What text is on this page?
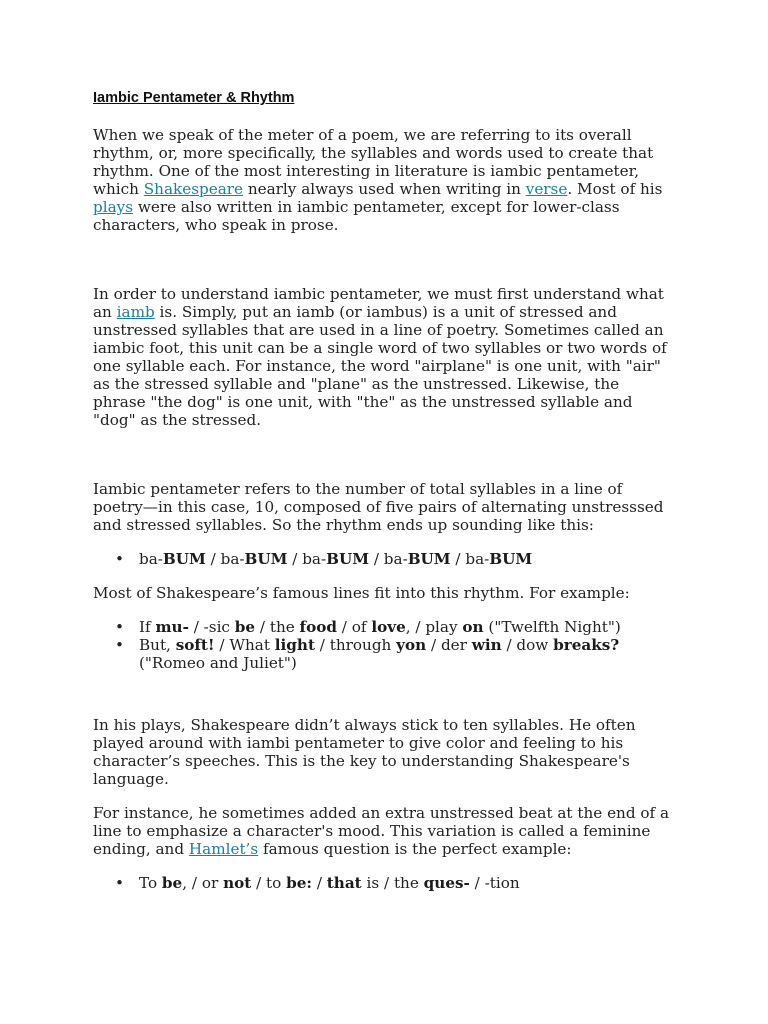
Iambic Pentameter & Rhythm

When we speak of the meter of a poem, we are referring to its overall rhythm, or, more specifically, the syllables and words used to create that rhythm. One of the most interesting in literature is iambic pentameter, which Shakespeare nearly always used when writing in verse. Most of his plays were also written in iambic pentameter, except for lower-class characters, who speak in prose.

In order to understand iambic pentameter, we must first understand what an iamb is. Simply, put an iamb (or iambus) is a unit of stressed and unstressed syllables that are used in a line of poetry. Sometimes called an iambic foot, this unit can be a single word of two syllables or two words of one syllable each. For instance, the word "airplane" is one unit, with "air" as the stressed syllable and "plane" as the unstressed. Likewise, the phrase "the dog" is one unit, with "the" as the unstressed syllable and "dog" as the stressed.

Iambic pentameter refers to the number of total syllables in a line of poetry—in this case, 10, composed of five pairs of alternating unstresssed and stressed syllables. So the rhythm ends up sounding like this:

• ba-BUM / ba-BUM / ba-BUM / ba-BUM / ba-BUM

Most of Shakespeare’s famous lines fit into this rhythm. For example:

• If mu- / -sic be / the food / of love, / play on ("Twelfth Night")
• But, soft! / What light / through yon / der win / dow breaks? ("Romeo and Juliet")

In his plays, Shakespeare didn’t always stick to ten syllables. He often played around with iambi pentameter to give color and feeling to his character’s speeches. This is the key to understanding Shakespeare's language.

For instance, he sometimes added an extra unstressed beat at the end of a line to emphasize a character's mood. This variation is called a feminine ending, and Hamlet’s famous question is the perfect example:

• To be, / or not / to be: / that is / the ques- / -tion
